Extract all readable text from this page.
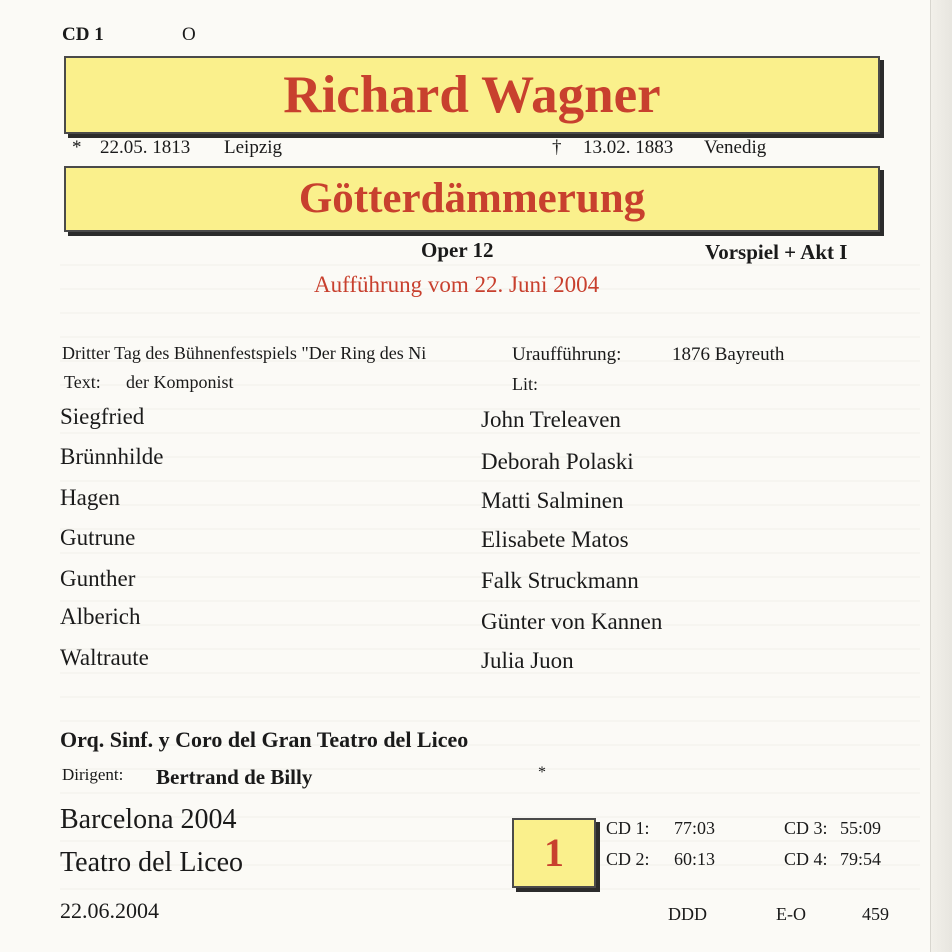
CD 1	O
Richard Wagner
* 22.05. 1813 Leipzig	† 13.02. 1883 Venedig
Götterdämmerung
Oper 12	Vorspiel + Akt I
Aufführung vom 22. Juni 2004
Dritter Tag des Bühnenfestspiels "Der Ring des Ni	Uraufführung:	1876 Bayreuth
Text: der Komponist	Lit:
Siegfried	John Treleaven
Brünnhilde	Deborah Polaski
Hagen	Matti Salminen
Gutrune	Elisabete Matos
Gunther	Falk Struckmann
Alberich	Günter von Kannen
Waltraute	Julia Juon
Orq. Sinf. y Coro del Gran Teatro del Liceo
Dirigent: Bertrand de Billy	*
Barcelona 2004
Teatro del Liceo	1
CD 1: 77:03	CD 3: 55:09
CD 2: 60:13	CD 4: 79:54
22.06.2004	DDD	E-O	459
